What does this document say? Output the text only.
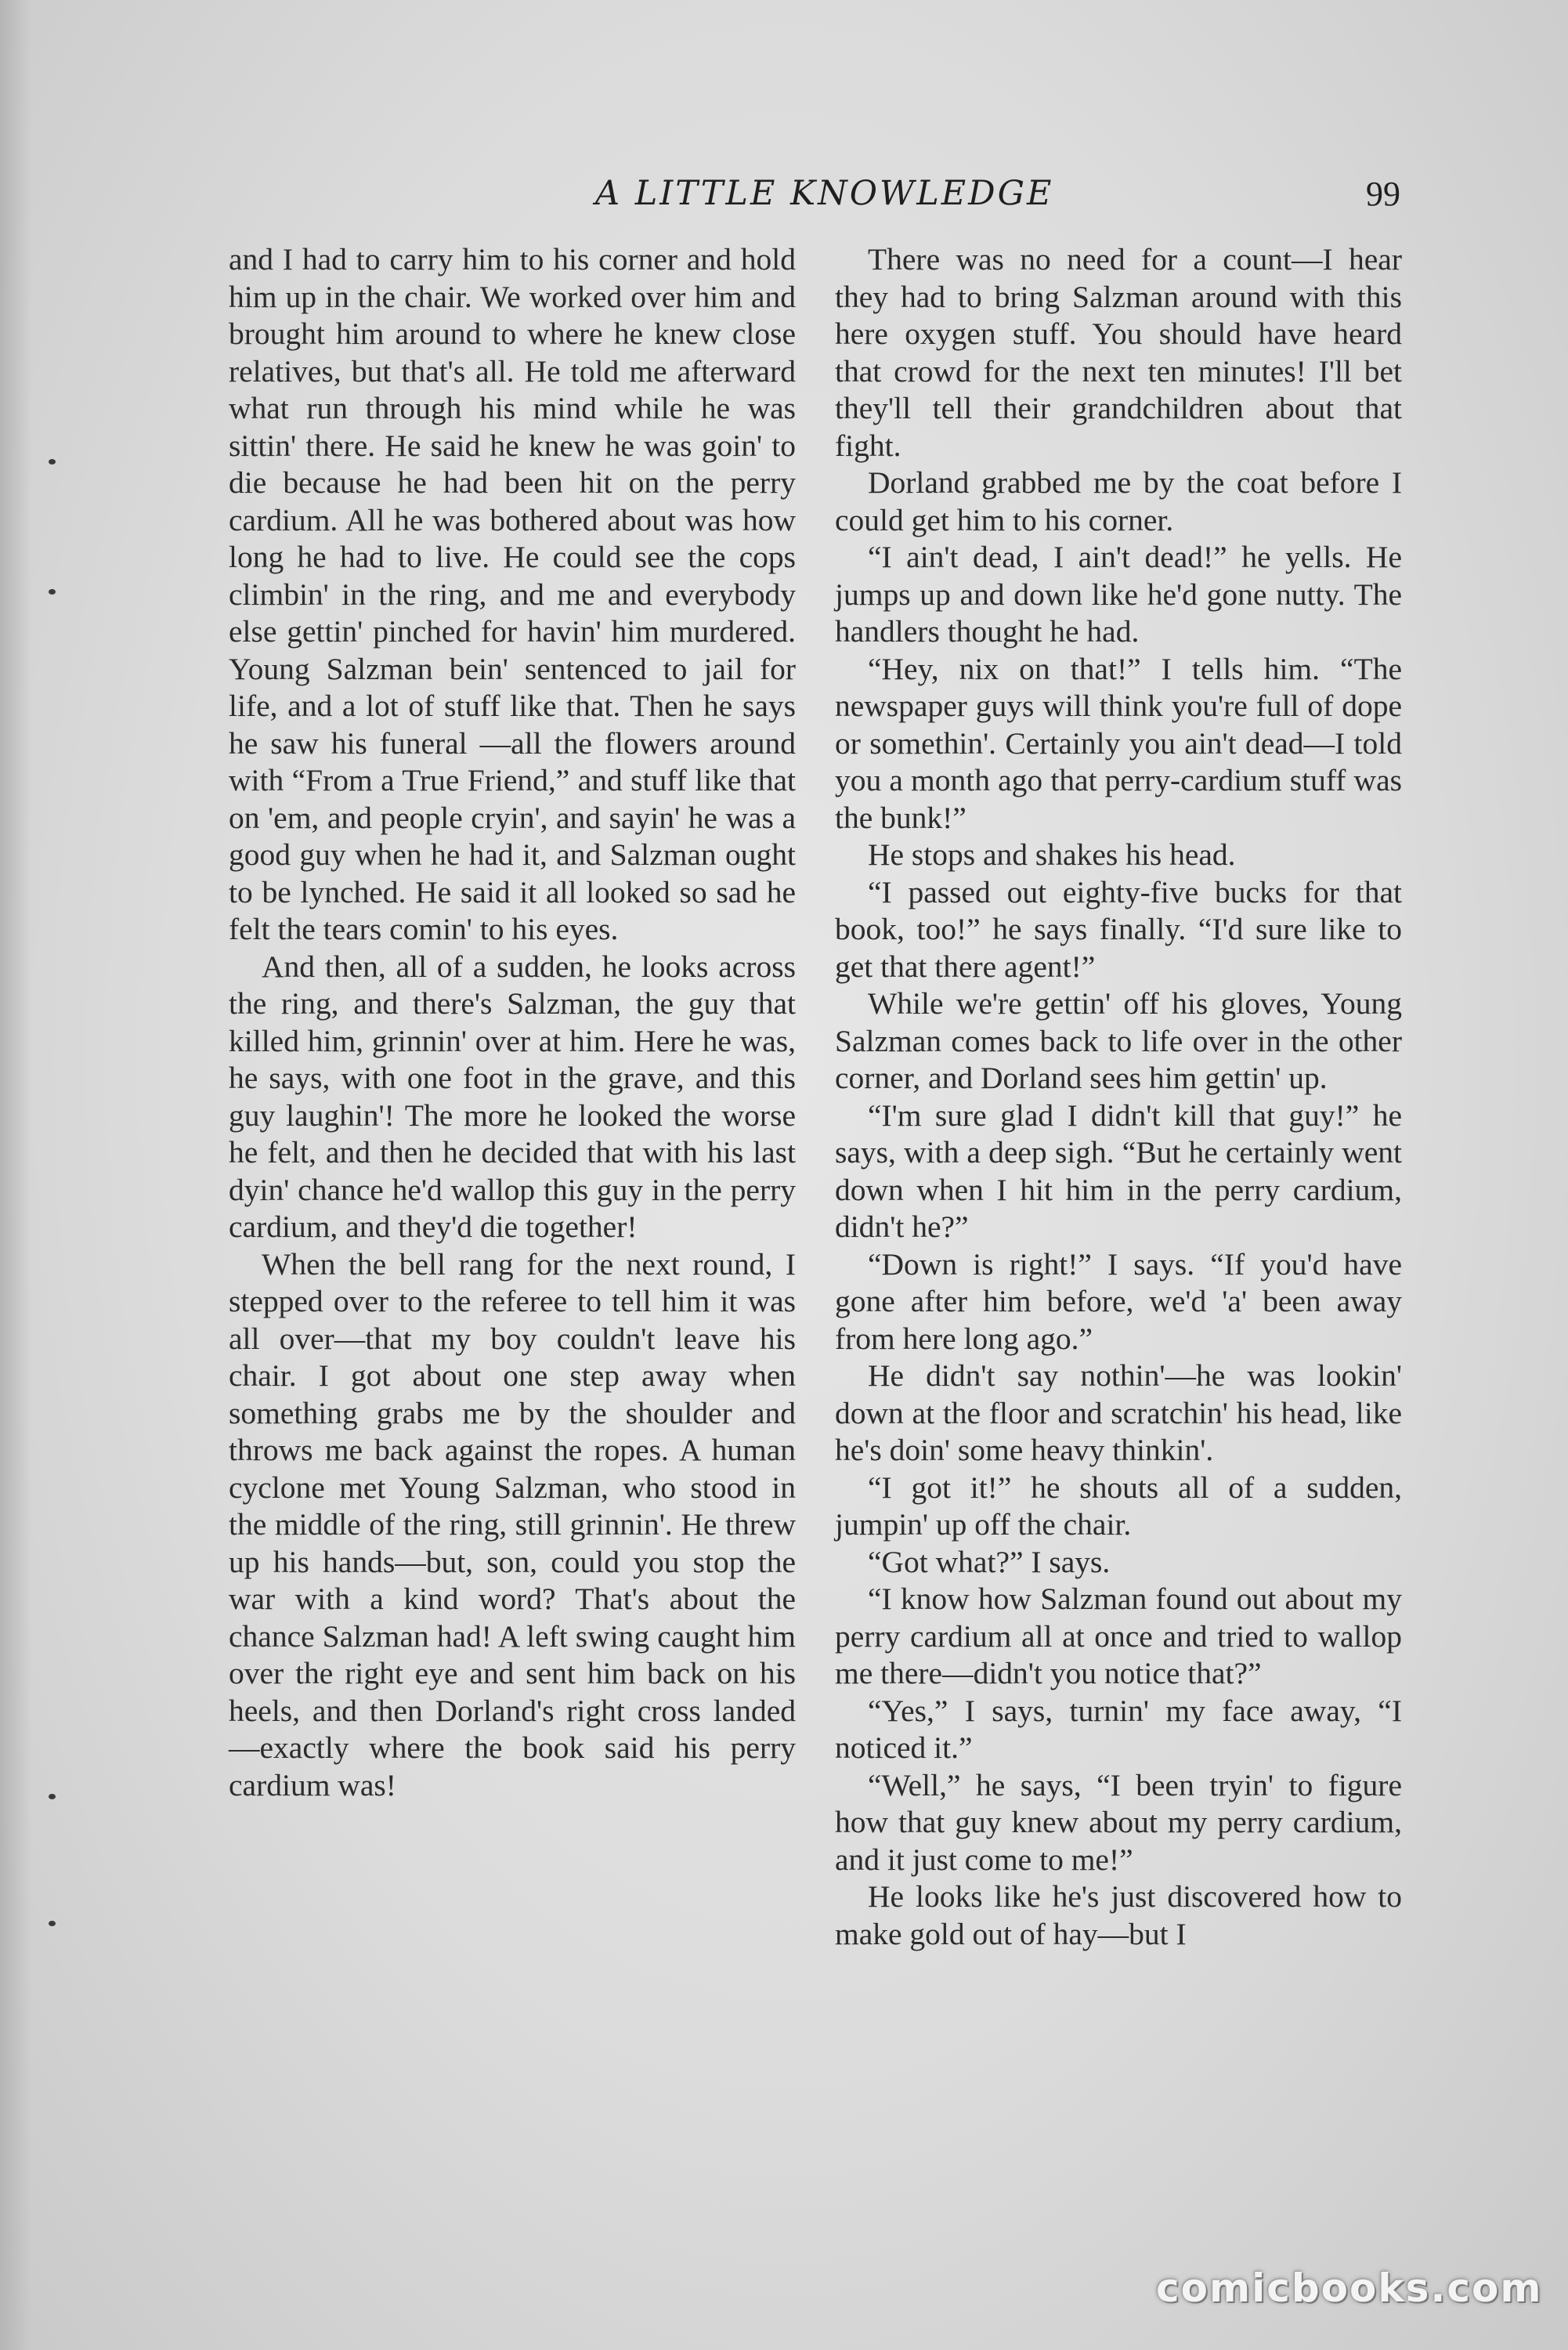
A LITTLE KNOWLEDGE	99

and I had to carry him to his corner and hold him up in the chair. We worked over him and brought him around to where he knew close relatives, but that's all. He told me afterward what run through his mind while he was sittin' there. He said he knew he was goin' to die because he had been hit on the perry cardium. All he was bothered about was how long he had to live. He could see the cops climbin' in the ring, and me and everybody else gettin' pinched for havin' him murdered. Young Salzman bein' sentenced to jail for life, and a lot of stuff like that. Then he says he saw his funeral —all the flowers around with “From a True Friend,” and stuff like that on 'em, and people cryin', and sayin' he was a good guy when he had it, and Salzman ought to be lynched. He said it all looked so sad he felt the tears comin' to his eyes.

And then, all of a sudden, he looks across the ring, and there's Salzman, the guy that killed him, grinnin' over at him. Here he was, he says, with one foot in the grave, and this guy laughin'! The more he looked the worse he felt, and then he decided that with his last dyin' chance he'd wallop this guy in the perry cardium, and they'd die together!

When the bell rang for the next round, I stepped over to the referee to tell him it was all over—that my boy couldn't leave his chair. I got about one step away when something grabs me by the shoulder and throws me back against the ropes. A human cyclone met Young Salzman, who stood in the middle of the ring, still grinnin'. He threw up his hands—but, son, could you stop the war with a kind word? That's about the chance Salzman had! A left swing caught him over the right eye and sent him back on his heels, and then Dorland's right cross landed—exactly where the book said his perry cardium was!

There was no need for a count—I hear they had to bring Salzman around with this here oxygen stuff. You should have heard that crowd for the next ten minutes! I'll bet they'll tell their grandchildren about that fight.

Dorland grabbed me by the coat before I could get him to his corner.

“I ain't dead, I ain't dead!” he yells. He jumps up and down like he'd gone nutty. The handlers thought he had.

“Hey, nix on that!” I tells him. “The newspaper guys will think you're full of dope or somethin'. Certainly you ain't dead—I told you a month ago that perry-cardium stuff was the bunk!”

He stops and shakes his head.

“I passed out eighty-five bucks for that book, too!” he says finally. “I'd sure like to get that there agent!”

While we're gettin' off his gloves, Young Salzman comes back to life over in the other corner, and Dorland sees him gettin' up.

“I'm sure glad I didn't kill that guy!” he says, with a deep sigh. “But he certainly went down when I hit him in the perry cardium, didn't he?”

“Down is right!” I says. “If you'd have gone after him before, we'd 'a' been away from here long ago.”

He didn't say nothin'—he was lookin' down at the floor and scratchin' his head, like he's doin' some heavy thinkin'.

“I got it!” he shouts all of a sudden, jumpin' up off the chair.

“Got what?” I says.

“I know how Salzman found out about my perry cardium all at once and tried to wallop me there—didn't you notice that?”

“Yes,” I says, turnin' my face away, “I noticed it.”

“Well,” he says, “I been tryin' to figure how that guy knew about my perry cardium, and it just come to me!”

He looks like he's just discovered how to make gold out of hay—but I

comicbooks.com
